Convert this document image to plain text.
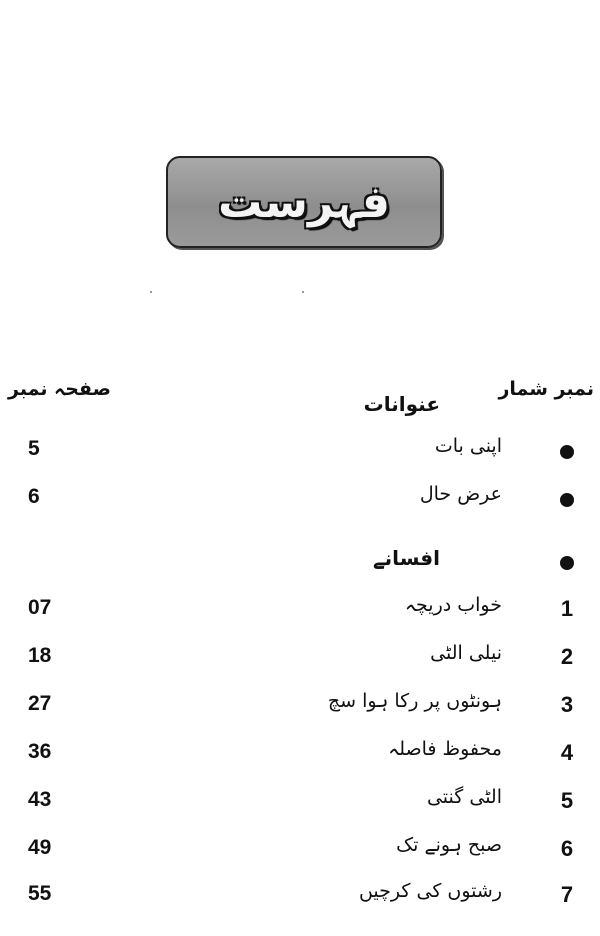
فہرست
نمبر شمار
عنوانات
صفحہ نمبر
اپنی بات
5
عرض حال
6
افسانے
1
خواب دریچہ
07
2
نیلی الٹی
18
3
ہونٹوں پر رکا ہوا سچ
27
4
محفوظ فاصلہ
36
5
الٹی گنتی
43
6
صبح ہونے تک
49
7
رشتوں کی کرچیں
55
